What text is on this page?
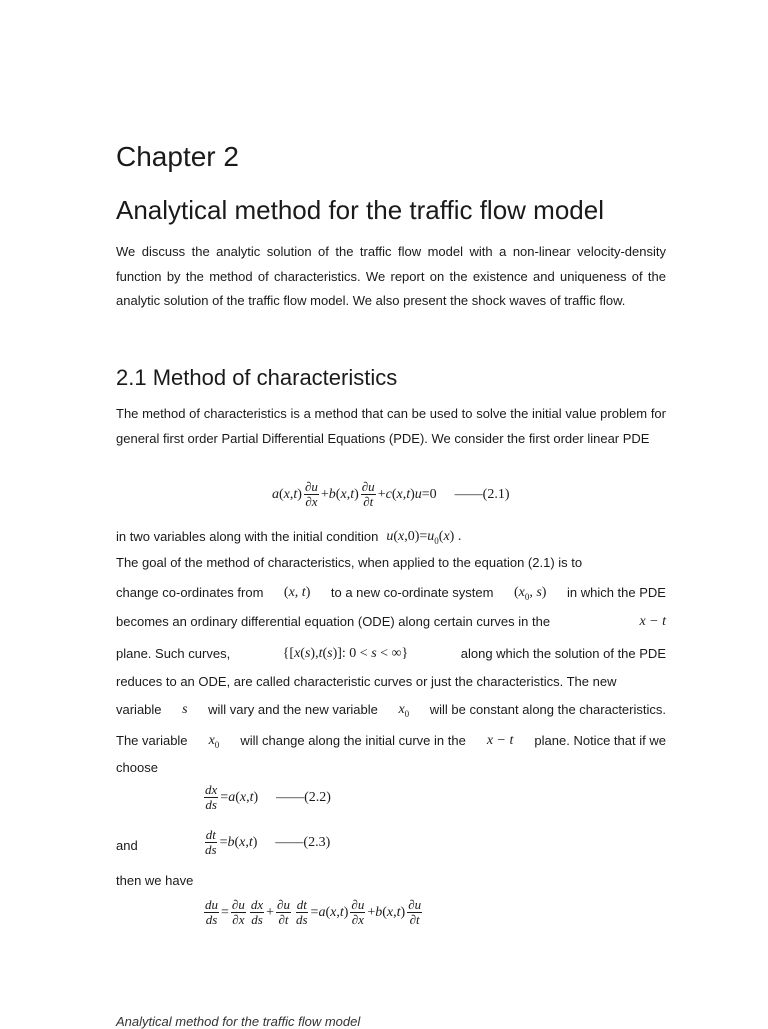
Chapter 2
Analytical method for the traffic flow model
We discuss the analytic solution of the traffic flow model with a non-linear velocity-density function by the method of characteristics. We report on the existence and uniqueness of the analytic solution of the traffic flow model. We also present the shock waves of traffic flow.
2.1 Method of characteristics
The method of characteristics is a method that can be used to solve the initial value problem for general first order Partial Differential Equations (PDE). We consider the first order linear PDE
a ( x , t ) $\frac{\partial u}{\partial x} + b$ ( x , t ) $\frac{\partial u}{\partial t} + c$ ( x , t ) u =0 ––––(2.1)
in two variables along with the initial condition $u(x,0)=u_0(x)$ .
The goal of the method of characteristics, when applied to the equation (2.1) is to
change co-ordinates from (x, t) to a new co-ordinate system ($x_0$, s) in which the PDE
becomes an ordinary differential equation (ODE) along certain curves in the	x − t
plane. Such curves,	{[x(s),t(s)]: 0 < s < ∞}	along which the solution of the PDE
reduces to an ODE, are called characteristic curves or just the characteristics. The new
variable s will vary and the new variable $x_0$ will be constant along the characteristics.
The variable $x_0$ will change along the initial curve in the x − t plane. Notice that if we
choose
$\frac{dx}{ds} = a$ ( x , t ) ––––(2.2)
and	$\frac{dt}{ds} = b$ ( x , t ) ––––(2.3)
then we have
$\frac{du}{ds} = \frac{\partial u}{\partial x} \frac{dx}{ds} + \frac{\partial u}{\partial t} \frac{dt}{ds} = a$ ( x , t ) $\frac{\partial u}{\partial x} + b$ ( x , t ) $\frac{\partial u}{\partial t}$
Analytical method for the traffic flow model
